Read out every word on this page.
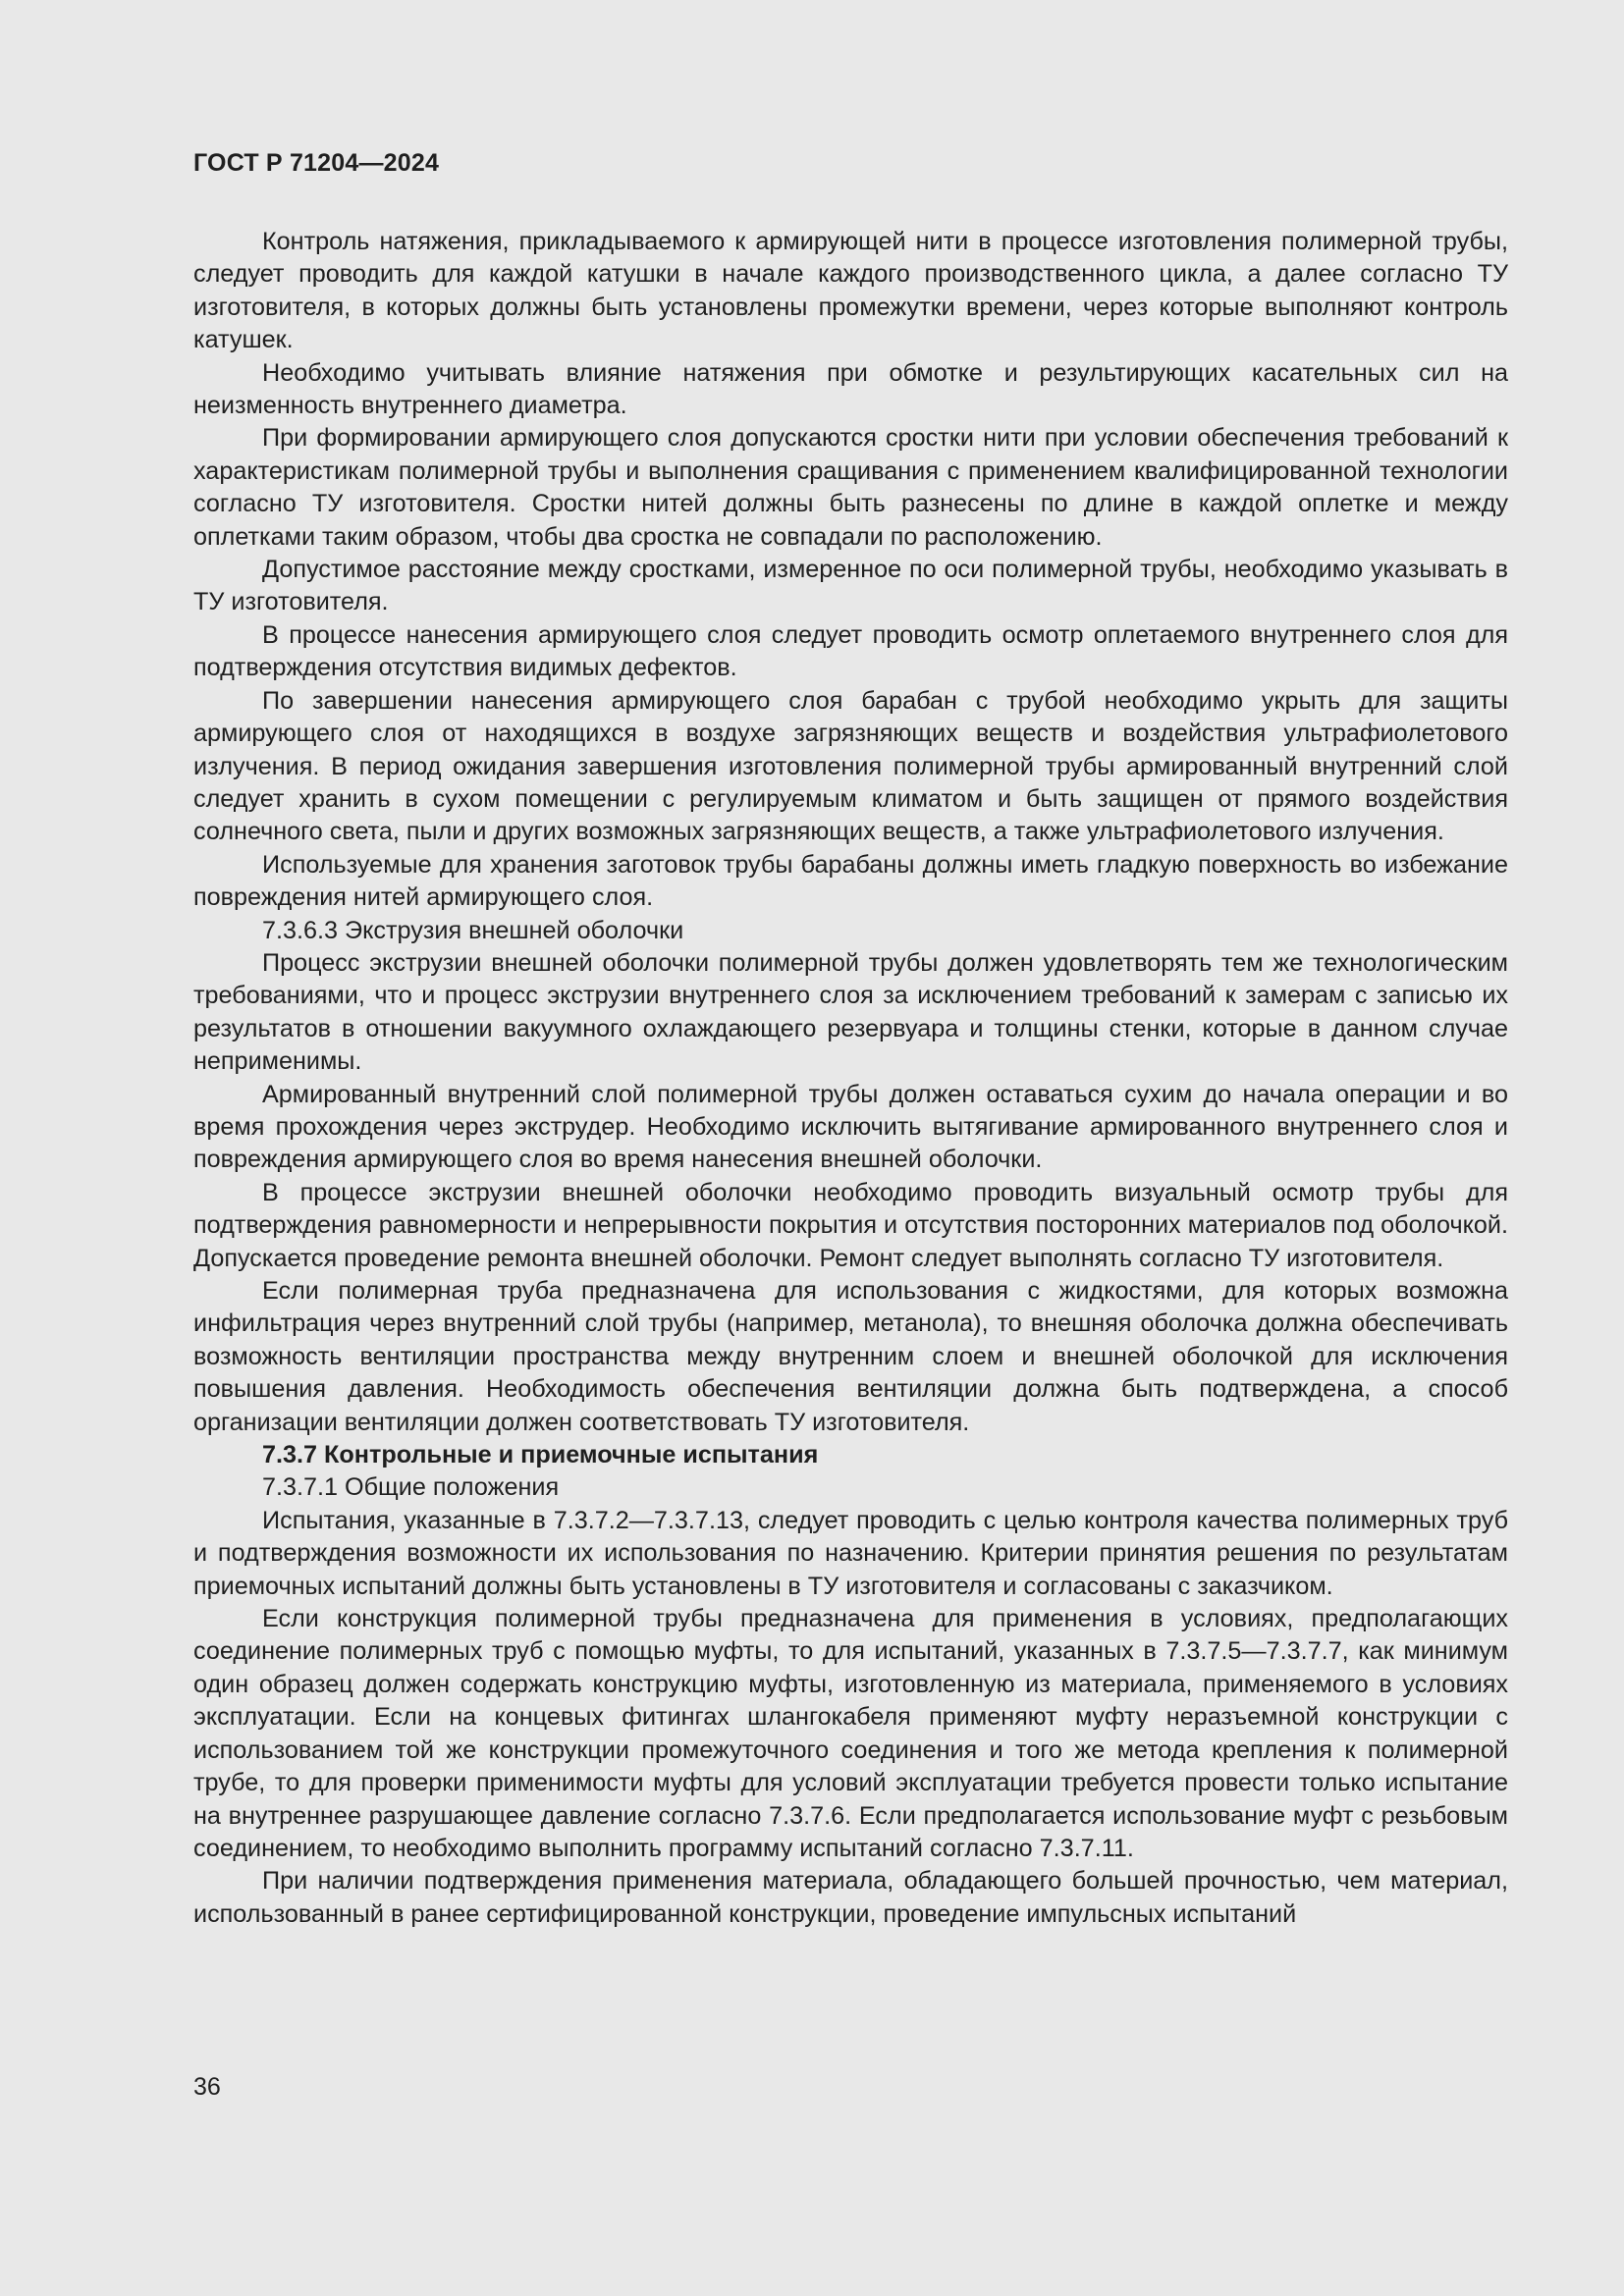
ГОСТ Р 71204—2024

Контроль натяжения, прикладываемого к армирующей нити в процессе изготовления полимерной трубы, следует проводить для каждой катушки в начале каждого производственного цикла, а далее согласно ТУ изготовителя, в которых должны быть установлены промежутки времени, через которые выполняют контроль катушек.

Необходимо учитывать влияние натяжения при обмотке и результирующих касательных сил на неизменность внутреннего диаметра.

При формировании армирующего слоя допускаются сростки нити при условии обеспечения требований к характеристикам полимерной трубы и выполнения сращивания с применением квалифицированной технологии согласно ТУ изготовителя. Сростки нитей должны быть разнесены по длине в каждой оплетке и между оплетками таким образом, чтобы два сростка не совпадали по расположению.

Допустимое расстояние между сростками, измеренное по оси полимерной трубы, необходимо указывать в ТУ изготовителя.

В процессе нанесения армирующего слоя следует проводить осмотр оплетаемого внутреннего слоя для подтверждения отсутствия видимых дефектов.

По завершении нанесения армирующего слоя барабан с трубой необходимо укрыть для защиты армирующего слоя от находящихся в воздухе загрязняющих веществ и воздействия ультрафиолетового излучения. В период ожидания завершения изготовления полимерной трубы армированный внутренний слой следует хранить в сухом помещении с регулируемым климатом и быть защищен от прямого воздействия солнечного света, пыли и других возможных загрязняющих веществ, а также ультрафиолетового излучения.

Используемые для хранения заготовок трубы барабаны должны иметь гладкую поверхность во избежание повреждения нитей армирующего слоя.

7.3.6.3 Экструзия внешней оболочки

Процесс экструзии внешней оболочки полимерной трубы должен удовлетворять тем же технологическим требованиями, что и процесс экструзии внутреннего слоя за исключением требований к замерам с записью их результатов в отношении вакуумного охлаждающего резервуара и толщины стенки, которые в данном случае неприменимы.

Армированный внутренний слой полимерной трубы должен оставаться сухим до начала операции и во время прохождения через экструдер. Необходимо исключить вытягивание армированного внутреннего слоя и повреждения армирующего слоя во время нанесения внешней оболочки.

В процессе экструзии внешней оболочки необходимо проводить визуальный осмотр трубы для подтверждения равномерности и непрерывности покрытия и отсутствия посторонних материалов под оболочкой. Допускается проведение ремонта внешней оболочки. Ремонт следует выполнять согласно ТУ изготовителя.

Если полимерная труба предназначена для использования с жидкостями, для которых возможна инфильтрация через внутренний слой трубы (например, метанола), то внешняя оболочка должна обеспечивать возможность вентиляции пространства между внутренним слоем и внешней оболочкой для исключения повышения давления. Необходимость обеспечения вентиляции должна быть подтверждена, а способ организации вентиляции должен соответствовать ТУ изготовителя.

7.3.7 Контрольные и приемочные испытания

7.3.7.1 Общие положения

Испытания, указанные в 7.3.7.2—7.3.7.13, следует проводить с целью контроля качества полимерных труб и подтверждения возможности их использования по назначению. Критерии принятия решения по результатам приемочных испытаний должны быть установлены в ТУ изготовителя и согласованы с заказчиком.

Если конструкция полимерной трубы предназначена для применения в условиях, предполагающих соединение полимерных труб с помощью муфты, то для испытаний, указанных в 7.3.7.5—7.3.7.7, как минимум один образец должен содержать конструкцию муфты, изготовленную из материала, применяемого в условиях эксплуатации. Если на концевых фитингах шлангокабеля применяют муфту неразъемной конструкции с использованием той же конструкции промежуточного соединения и того же метода крепления к полимерной трубе, то для проверки применимости муфты для условий эксплуатации требуется провести только испытание на внутреннее разрушающее давление согласно 7.3.7.6. Если предполагается использование муфт с резьбовым соединением, то необходимо выполнить программу испытаний согласно 7.3.7.11.

При наличии подтверждения применения материала, обладающего большей прочностью, чем материал, использованный в ранее сертифицированной конструкции, проведение импульсных испытаний

36
